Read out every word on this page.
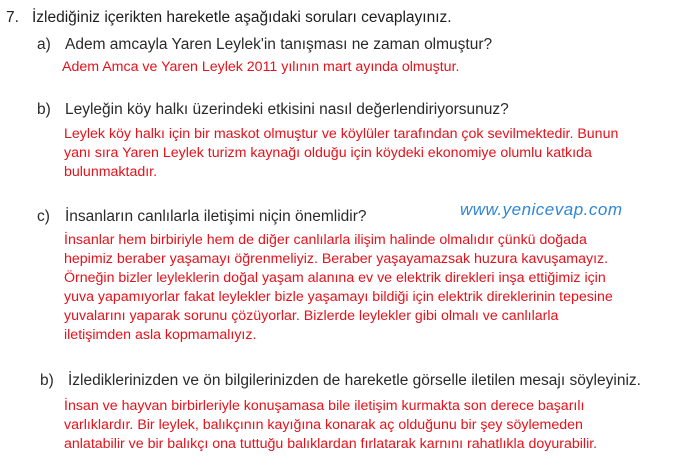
7. İzlediğiniz içerikten hareketle aşağıdaki soruları cevaplayınız.
a) Adem amcayla Yaren Leylek'in tanışması ne zaman olmuştur?
Adem Amca ve Yaren Leylek 2011 yılının mart ayında olmuştur.
b) Leyleğin köy halkı üzerindeki etkisini nasıl değerlendiriyorsunuz?
Leylek köy halkı için bir maskot olmuştur ve köylüler tarafından çok sevilmektedir. Bunun
yanı sıra Yaren Leylek turizm kaynağı olduğu için köydeki ekonomiye olumlu katkıda
bulunmaktadır.
c) İnsanların canlılarla iletişimi niçin önemlidir?	www.yenicevap.com
İnsanlar hem birbiriyle hem de diğer canlılarla ilişim halinde olmalıdır çünkü doğada
hepimiz beraber yaşamayı öğrenmeliyiz. Beraber yaşayamazsak huzura kavuşamayız.
Örneğin bizler leyleklerin doğal yaşam alanına ev ve elektrik direkleri inşa ettiğimiz için
yuva yapamıyorlar fakat leylekler bizle yaşamayı bildiği için elektrik direklerinin tepesine
yuvalarını yaparak sorunu çözüyorlar. Bizlerde leylekler gibi olmalı ve canlılarla
iletişimden asla kopmamalıyız.
b) İzlediklerinizden ve ön bilgilerinizden de hareketle görselle iletilen mesajı söyleyiniz.
İnsan ve hayvan birbirleriyle konuşamasa bile iletişim kurmakta son derece başarılı
varlıklardır. Bir leylek, balıkçının kayığına konarak aç olduğunu bir şey söylemeden
anlatabilir ve bir balıkçı ona tuttuğu balıklardan fırlatarak karnını rahatlıkla doyurabilir.
